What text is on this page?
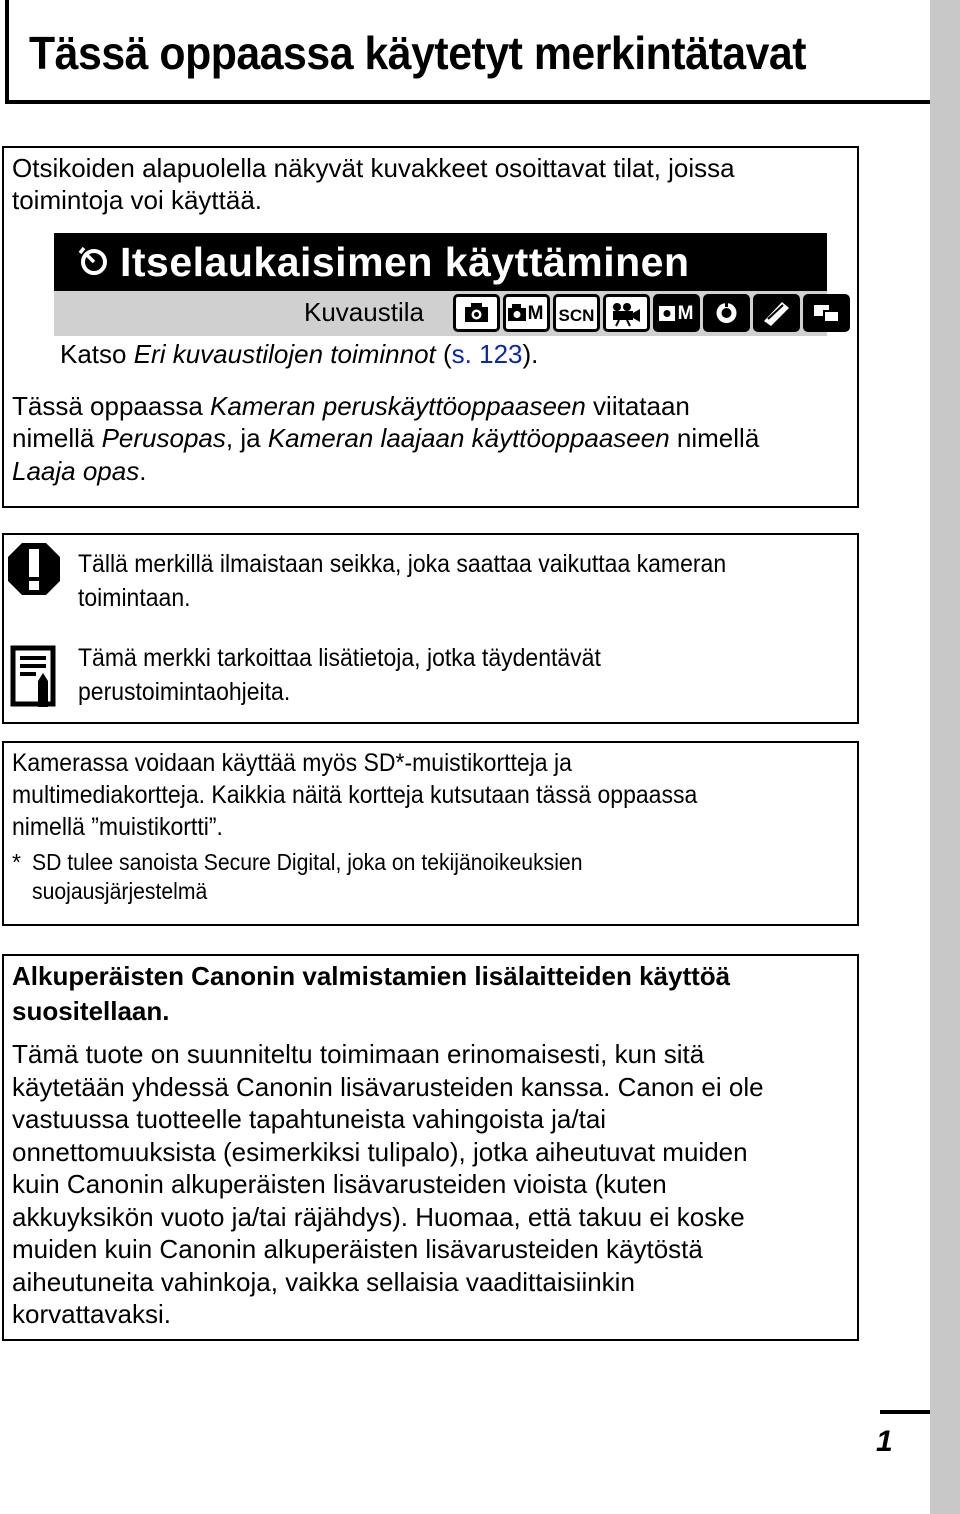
Tässä oppaassa käytetyt merkintätavat
Otsikoiden alapuolella näkyvät kuvakkeet osoittavat tilat, joissa
toimintoja voi käyttää.
Itselaukaisimen käyttäminen
Kuvaustila	M SCN	M
Katso Eri kuvaustilojen toiminnot (s. 123).
Tässä oppaassa Kameran peruskäyttöoppaaseen viitataan
nimellä Perusopas, ja Kameran laajaan käyttöoppaaseen nimellä
Laaja opas.
Tällä merkillä ilmaistaan seikka, joka saattaa vaikuttaa kameran
toimintaan.
Tämä merkki tarkoittaa lisätietoja, jotka täydentävät
perustoimintaohjeita.
Kamerassa voidaan käyttää myös SD*-muistikortteja ja
multimediakortteja. Kaikkia näitä kortteja kutsutaan tässä oppaassa
nimellä ”muistikortti”.
* SD tulee sanoista Secure Digital, joka on tekijänoikeuksien
suojausjärjestelmä
Alkuperäisten Canonin valmistamien lisälaitteiden käyttöä
suositellaan.
Tämä tuote on suunniteltu toimimaan erinomaisesti, kun sitä
käytetään yhdessä Canonin lisävarusteiden kanssa. Canon ei ole
vastuussa tuotteelle tapahtuneista vahingoista ja/tai
onnettomuuksista (esimerkiksi tulipalo), jotka aiheutuvat muiden
kuin Canonin alkuperäisten lisävarusteiden vioista (kuten
akkuyksikön vuoto ja/tai räjähdys). Huomaa, että takuu ei koske
muiden kuin Canonin alkuperäisten lisävarusteiden käytöstä
aiheutuneita vahinkoja, vaikka sellaisia vaadittaisiinkin
korvattavaksi.
1
